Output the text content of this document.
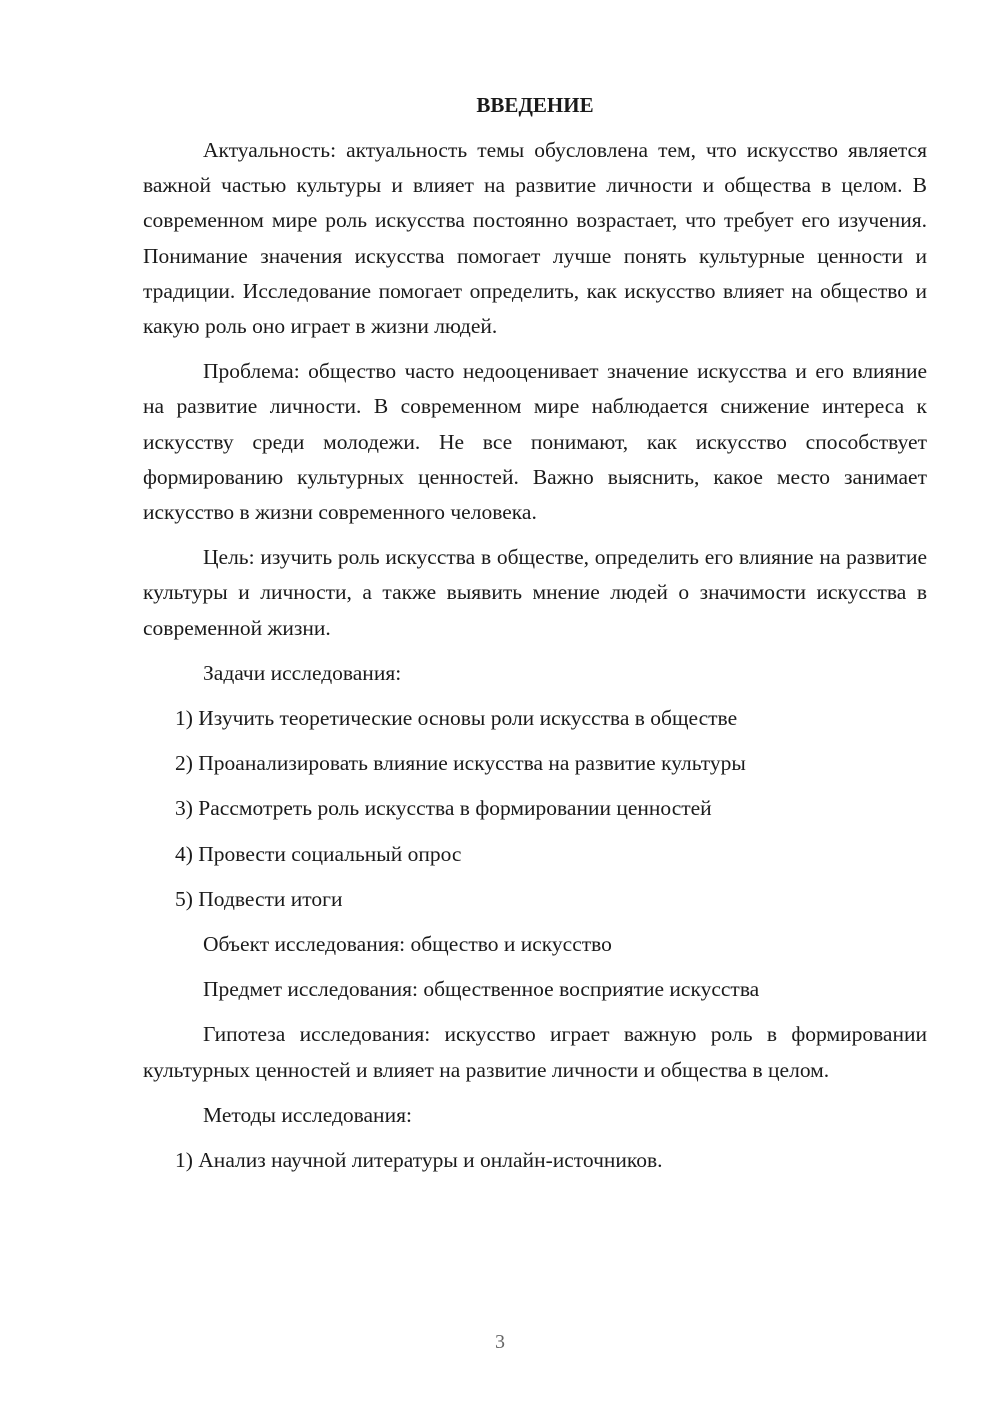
ВВЕДЕНИЕ

Актуальность: актуальность темы обусловлена тем, что искусство является важной частью культуры и влияет на развитие личности и общества в целом. В современном мире роль искусства постоянно возрастает, что требует его изучения. Понимание значения искусства помогает лучше понять культурные ценности и традиции. Исследование помогает определить, как искусство влияет на общество и какую роль оно играет в жизни людей.

Проблема: общество часто недооценивает значение искусства и его влияние на развитие личности. В современном мире наблюдается снижение интереса к искусству среди молодежи. Не все понимают, как искусство способствует формированию культурных ценностей. Важно выяснить, какое место занимает искусство в жизни современного человека.

Цель: изучить роль искусства в обществе, определить его влияние на развитие культуры и личности, а также выявить мнение людей о значимости искусства в современной жизни.

Задачи исследования:
1) Изучить теоретические основы роли искусства в обществе
2) Проанализировать влияние искусства на развитие культуры
3) Рассмотреть роль искусства в формировании ценностей
4) Провести социальный опрос
5) Подвести итоги
Объект исследования: общество и искусство
Предмет исследования: общественное восприятие искусства

Гипотеза исследования: искусство играет важную роль в формировании культурных ценностей и влияет на развитие личности и общества в целом.

Методы исследования:
1) Анализ научной литературы и онлайн-источников.
3
